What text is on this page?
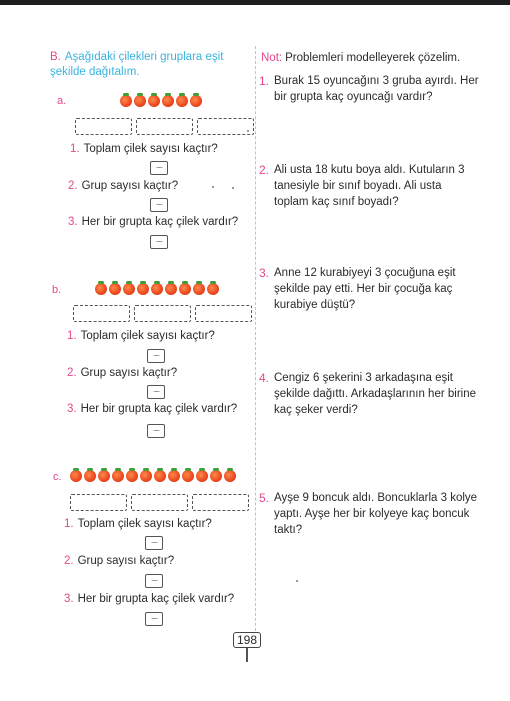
B. Aşağıdaki çilekleri gruplara eşit şekilde dağıtalım.
a.
1. Toplam çilek sayısı kaçtır?
.....
2. Grup sayısı kaçtır?
.....
3. Her bir grupta kaç çilek vardır?
.....
b.
1. Toplam çilek sayısı kaçtır?
.....
2. Grup sayısı kaçtır?
.....
3. Her bir grupta kaç çilek vardır?
.....
c.
1. Toplam çilek sayısı kaçtır?
.....
2. Grup sayısı kaçtır?
.....
3. Her bir grupta kaç çilek vardır?
.....
Not: Problemleri modelleyerek çözelim.
1. Burak 15 oyuncağını 3 gruba ayırdı. Her bir grupta kaç oyuncağı vardır?
2. Ali usta 18 kutu boya aldı. Kutuların 3 tanesiyle bir sınıf boyadı. Ali usta toplam kaç sınıf boyadı?
3. Anne 12 kurabiyeyi 3 çocuğuna eşit şekilde pay etti. Her bir çocuğa kaç kurabiye düştü?
4. Cengiz 6 şekerini 3 arkadaşına eşit şekilde dağıttı. Arkadaşlarının her birine kaç şeker verdi?
5. Ayşe 9 boncuk aldı. Boncuklarla 3 kolye yaptı. Ayşe her bir kolyeye kaç boncuk taktı?
198
